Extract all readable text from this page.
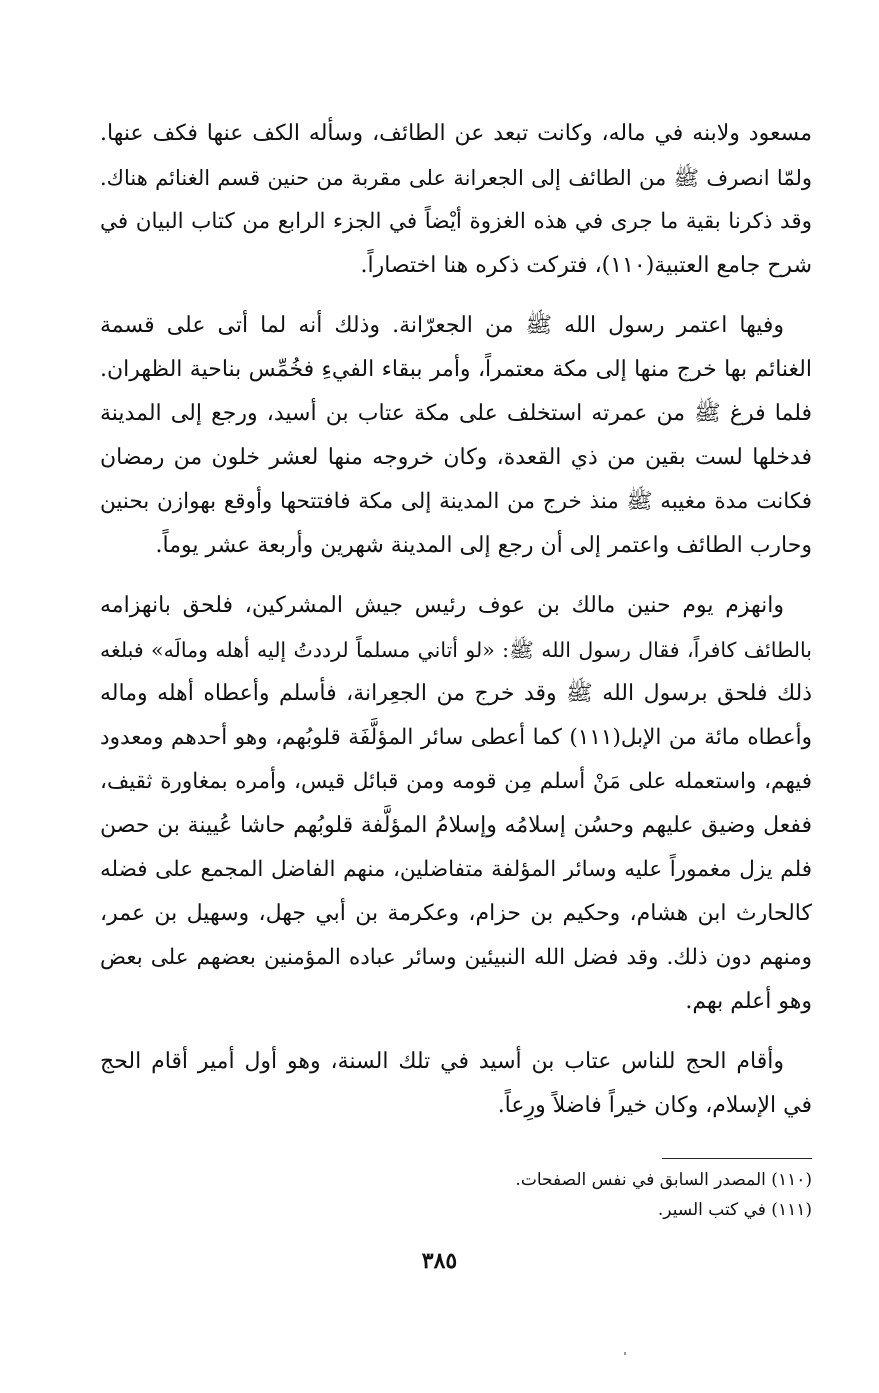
مسعود ولابنه في ماله، وكانت تبعد عن الطائف، وسأله الكف عنها فكف عنها.
ولمّا انصرف ﷺ من الطائف إلى الجعرانة على مقربة من حنين قسم الغنائم هناك.
وقد ذكرنا بقية ما جرى في هذه الغزوة أيْضاً في الجزء الرابع من كتاب البيان في
شرح جامع العتبية(١١٠)، فتركت ذكره هنا اختصاراً.

وفيها اعتمر رسول الله ﷺ من الجعرّانة. وذلك أنه لما أتى على قسمة
الغنائم بها خرج منها إلى مكة معتمراً، وأمر ببقاء الفيءِ فخُمِّس بناحية الظهران.
فلما فرغ ﷺ من عمرته استخلف على مكة عتاب بن أسيد، ورجع إلى المدينة
فدخلها لست بقين من ذي القعدة، وكان خروجه منها لعشر خلون من رمضان
فكانت مدة مغيبه ﷺ منذ خرج من المدينة إلى مكة فافتتحها وأوقع بهوازن بحنين
وحارب الطائف واعتمر إلى أن رجع إلى المدينة شهرين وأربعة عشر يوماً.

وانهزم يوم حنين مالك بن عوف رئيس جيش المشركين، فلحق بانهزامه
بالطائف كافراً، فقال رسول الله ﷺ: «لو أتاني مسلماً لرددتُ إليه أهله ومالَه» فبلغه
ذلك فلحق برسول الله ﷺ وقد خرج من الجعِرانة، فأسلم وأعطاه أهله وماله
وأعطاه مائة من الإبل(١١١) كما أعطى سائر المؤلَّفَة قلوبُهم، وهو أحدهم ومعدود
فيهم، واستعمله على مَنْ أسلم مِن قومه ومن قبائل قيس، وأمره بمغاورة ثقيف،
ففعل وضيق عليهم وحسُن إسلامُه وإسلامُ المؤلَّفة قلوبُهم حاشا عُيينة بن حصن
فلم يزل مغموراً عليه وسائر المؤلفة متفاضلين، منهم الفاضل المجمع على فضله
كالحارث ابن هشام، وحكيم بن حزام، وعكرمة بن أبي جهل، وسهيل بن عمر،
ومنهم دون ذلك. وقد فضل الله النبيئين وسائر عباده المؤمنين بعضهم على بعض
وهو أعلم بهم.

وأقام الحج للناس عتاب بن أسيد في تلك السنة، وهو أول أمير أقام الحج
في الإسلام، وكان خيراً فاضلاً ورِعاً.

(١١٠) المصدر السابق في نفس الصفحات.
(١١١) في كتب السير.
٣٨٥
